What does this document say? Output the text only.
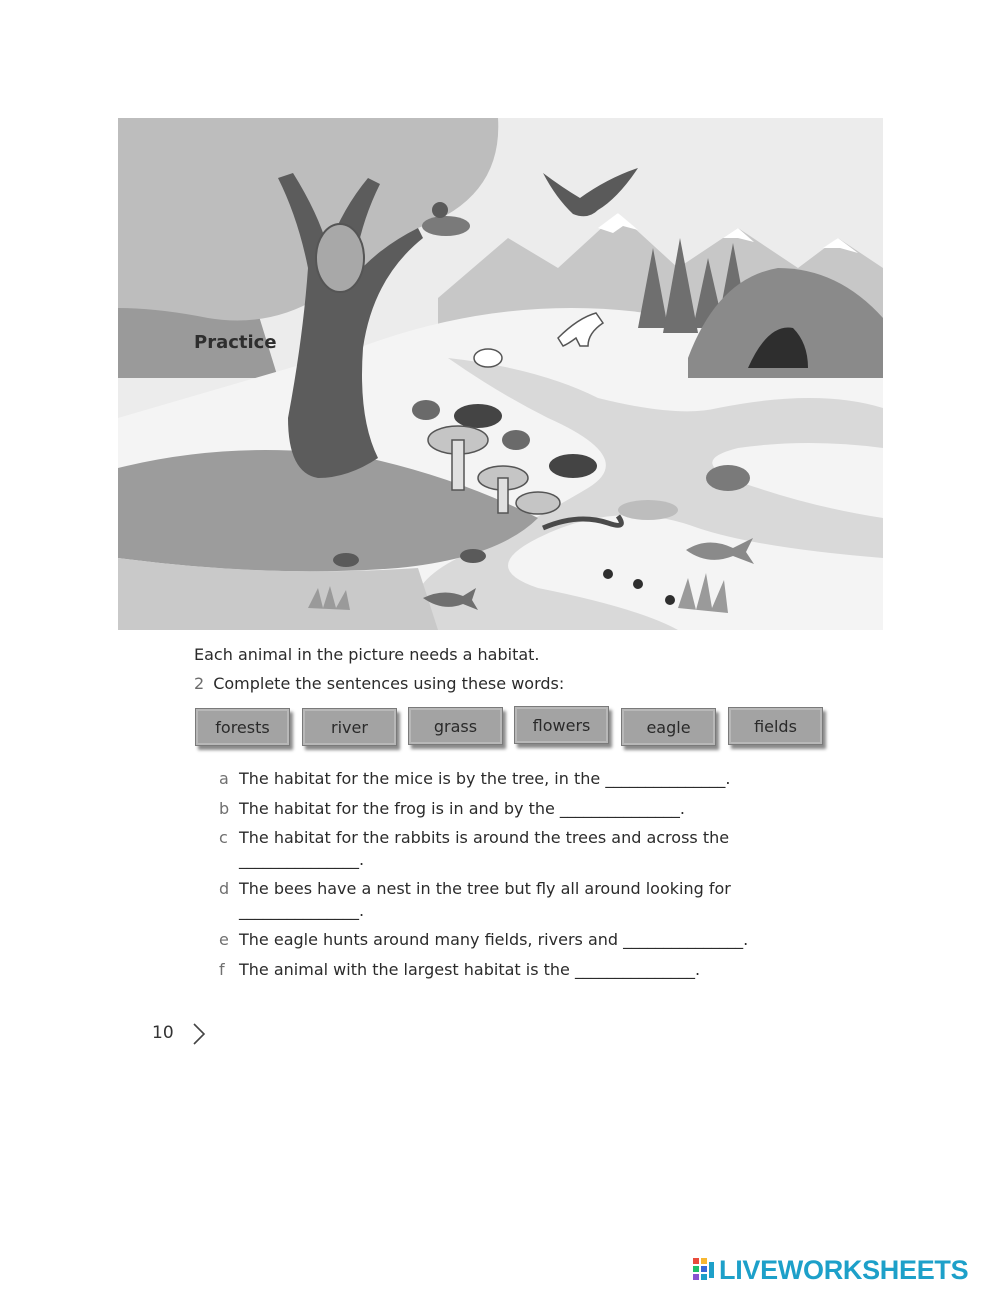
Practice
Each animal in the picture needs a habitat.
2 Complete the sentences using these words:
forests	river	grass	flowers	eagle	fields
a The habitat for the mice is by the tree, in the _______________.
b The habitat for the frog is in and by the _______________.
c The habitat for the rabbits is around the trees and across the
_______________.
d The bees have a nest in the tree but fly all around looking for
_______________.
e The eagle hunts around many fields, rivers and _______________.
f The animal with the largest habitat is the _______________.
10
LIVEWORKSHEETS
